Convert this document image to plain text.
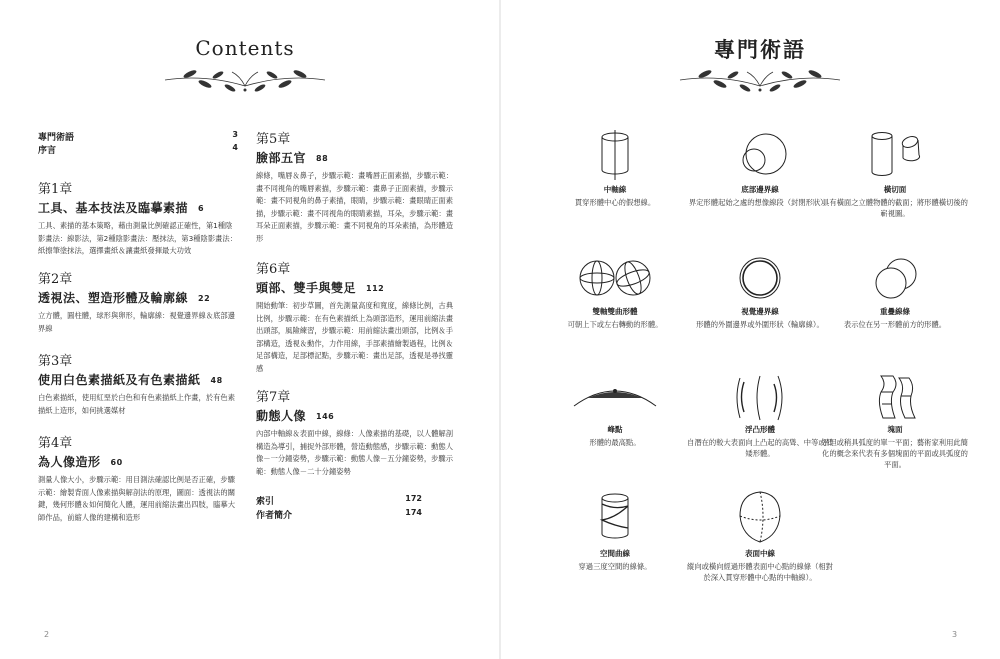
Contents
專門術語	3
序言	4
第1章
工具、基本技法及臨摹素描 6
工具、素描的基本策略，藉由測量比例確認正確性，第1種陰影畫法：線影法，第2種陰影畫法：壓抹法，第3種陰影畫法：紙擦筆塗抹法，選擇畫紙＆讓畫紙發揮最大功效
第2章
透視法、塑造形體及輪廓線 22
立方體，圓柱體，球形與卵形，輪廓線：視覺邊界線＆底部邊界線
第3章
使用白色素描紙及有色素描紙 48
白色素描紙，使用紅堊於白色和有色素描紙上作畫，於有色素描紙上造形，如何挑選媒材
第4章
為人像造形 60
測量人像大小，步驟示範：用目測法確認比例是否正確，步驟示範：繪製背面人像素描與解剖法的原理，圖面：透視法的關鍵，幾何形體＆如何簡化人體，運用前縮法畫出四肢，臨摹大師作品，前縮人像的建構和造形
第5章
臉部五官 88
線條，嘴唇＆鼻子，步驟示範：畫嘴唇正面素描，步驟示範：畫不同視角的嘴唇素描，步驟示範：畫鼻子正面素描，步驟示範：畫不同視角的鼻子素描，眼睛，步驟示範：畫眼睛正面素描，步驟示範：畫不同視角的眼睛素描，耳朵，步驟示範：畫耳朵正面素描，步驟示範：畫不同視角的耳朵素描，為形體造形
第6章
頭部、雙手與雙足 112
開始動筆：初步草圖，首先測量高度和寬度，線條比例，古典比例，步驟示範：在有色素描紙上為頭部造形，運用前縮法畫出頭部，風險練習，步驟示範：用前縮法畫出頭部，比例＆手部構造，透視＆動作，力作用線，手部素描繪製過程，比例＆足部構造，足部標記點，步驟示範：畫出足部，透視是尋找靈感
第7章
動態人像 146
內部中軸線＆表面中線，線條：人像素描的基礎，以人體解剖構造為導引，捕捉外部形體，營造動態感，步驟示範：動態人像－一分鐘姿勢，步驟示範：動態人像－五分鐘姿勢，步驟示範：動態人像－二十分鐘姿勢
索引	172
作者簡介	174
2
專門術語
中軸線
貫穿形體中心的假想線。
底部邊界線
界定形體起始之處的想像線段（封閉形狀）。
橫切面
具有橫面之立體物體的截面；將形體橫切後的嶄視圖。
雙軸雙曲形體
可朝上下或左右轉動的形體。
視覺邊界線
形體的外圍邊界或外圍形狀（輪廓線）。
重疊線條
表示位在另一形體前方的形體。
峰點
形體的最高點。
浮凸形體
自潛在的較大表面向上凸起的高聳、中等或低矮形體。
塊面
平坦或稍具弧度的單一平面；藝術家利用此簡化的概念來代表有多個塊面的平面或具弧度的平面。
空間曲線
穿過三度空間的線條。
表面中線
縱向或橫向經過形體表面中心點的線條（相對於深入貫穿形體中心點的中軸線）。
3
